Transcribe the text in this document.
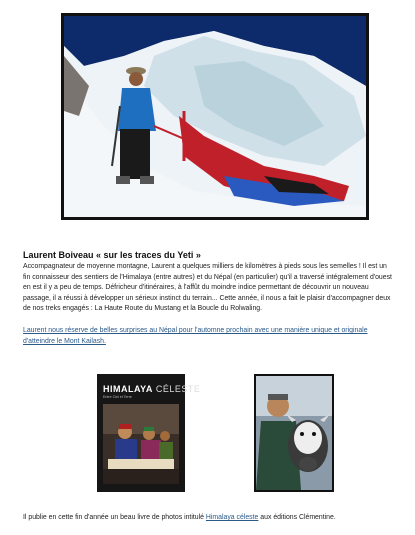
Laurent Boiveau « sur les traces du Yeti »

Accompagnateur de moyenne montagne, Laurent a quelques milliers de kilomètres à pieds sous les semelles ! Il est un fin connaisseur des sentiers de l'Himalaya (entre autres) et du Népal (en particulier) qu'il a traversé intégralement d'ouest en est il y a peu de temps. Défricheur d'itinéraires, à l'affût du moindre indice permettant de découvrir un nouveau passage, il a réussi à développer un sérieux instinct du terrain... Cette année, il nous a fait le plaisir d'accompagner deux de nos treks engagés : La Haute Route du Mustang et la Boucle du Rolwaling.

Laurent nous réserve de belles surprises au Népal pour l'automne prochain avec une manière unique et originale d'atteindre le Mont Kailash.

HIMALAYA CÉLESTE
Entre Ciel et Terre

Il publie en cette fin d'année un beau livre de photos intitulé Himalaya céleste aux éditions Clémentine.
